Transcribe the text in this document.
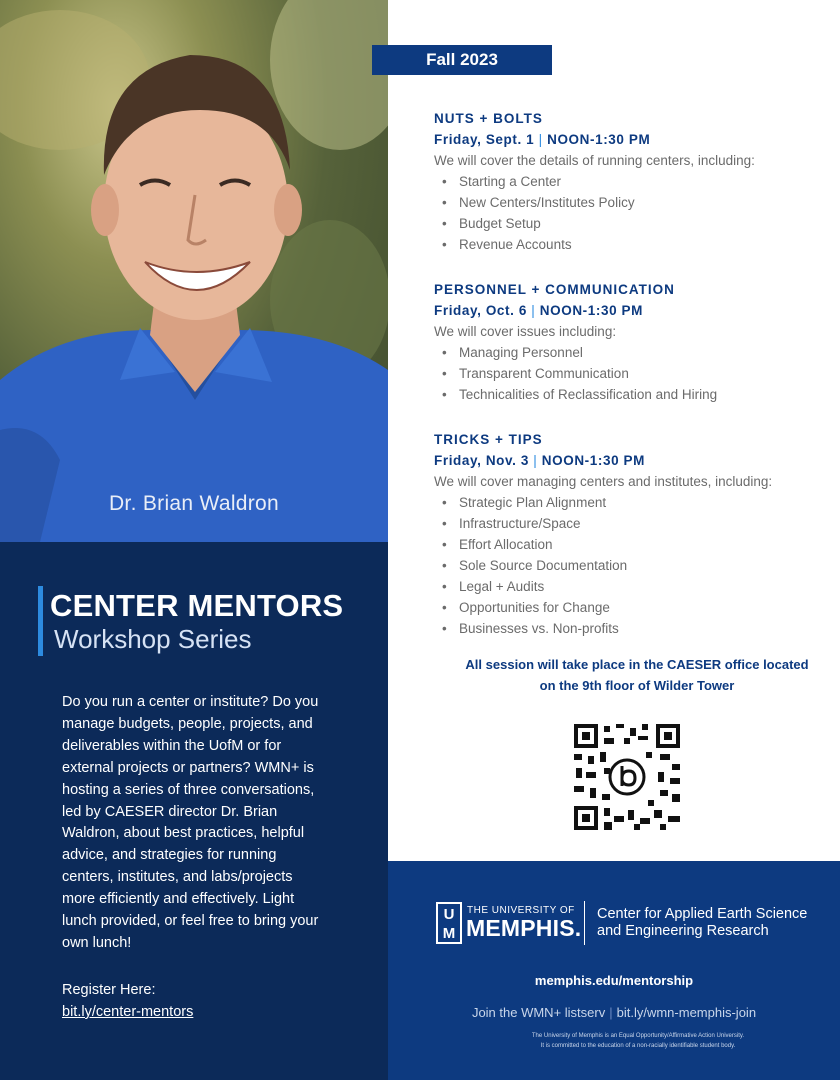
Dr. Brian Waldron
CENTER MENTORS
Workshop Series

Do you run a center or institute? Do you manage budgets, people, projects, and deliverables within the UofM or for external projects or partners? WMN+ is hosting a series of three conversations, led by CAESER director Dr. Brian Waldron, about best practices, helpful advice, and strategies for running centers, institutes, and labs/projects more efficiently and effectively. Light lunch provided, or feel free to bring your own lunch!

Register Here:
bit.ly/center-mentors
Fall 2023
NUTS + BOLTS
Friday, Sept. 1 | NOON-1:30 PM
We will cover the details of running centers, including:
• Starting a Center
• New Centers/Institutes Policy
• Budget Setup
• Revenue Accounts
PERSONNEL + COMMUNICATION
Friday, Oct. 6 | NOON-1:30 PM
We will cover issues including:
• Managing Personnel
• Transparent Communication
• Technicalities of Reclassification and Hiring
TRICKS + TIPS
Friday, Nov. 3 | NOON-1:30 PM
We will cover managing centers and institutes, including:
• Strategic Plan Alignment
• Infrastructure/Space
• Effort Allocation
• Sole Source Documentation
• Legal + Audits
• Opportunities for Change
• Businesses vs. Non-profits
All session will take place in the CAESER office located
on the 9th floor of Wilder Tower
U
M
THE UNIVERSITY OF
MEMPHIS.
Center for Applied Earth Science
and Engineering Research
memphis.edu/mentorship
Join the WMN+ listserv | bit.ly/wmn-memphis-join
The University of Memphis is an Equal Opportunity/Affirmative Action University.
It is committed to the education of a non-racially identifiable student body.
